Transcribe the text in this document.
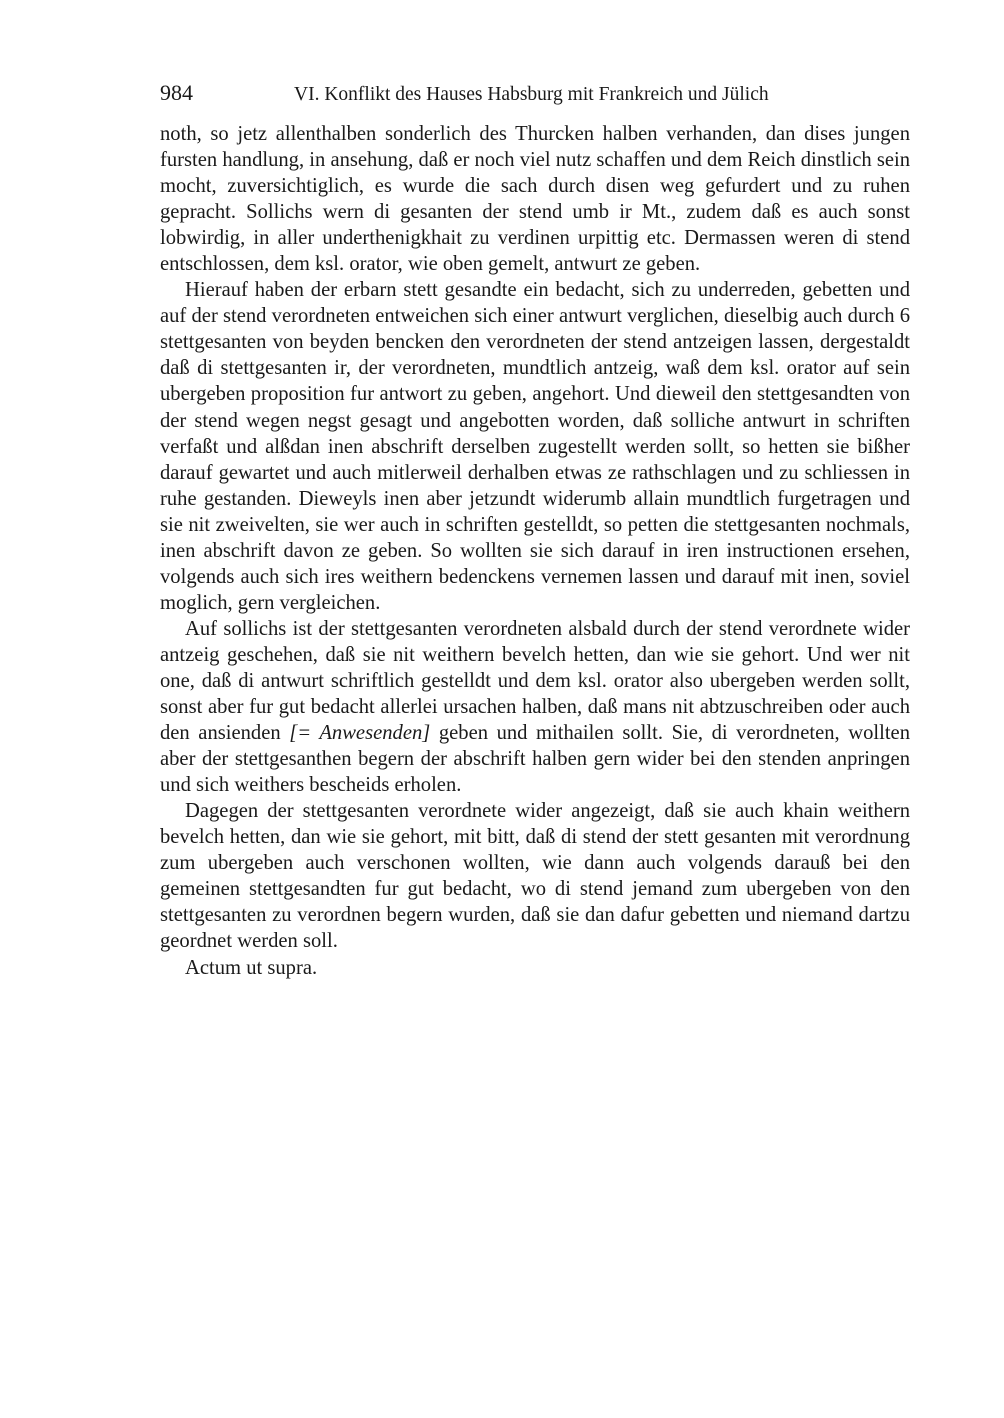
984	VI. Konflikt des Hauses Habsburg mit Frankreich und Jülich

noth, so jetz allenthalben sonderlich des Thurcken halben verhanden, dan dises jungen fursten handlung, in ansehung, daß er noch viel nutz schaffen und dem Reich dinstlich sein mocht, zuversichtiglich, es wurde die sach durch disen weg gefurdert und zu ruhen gepracht. Sollichs wern di gesanten der stend umb ir Mt., zudem daß es auch sonst lobwirdig, in aller underthenigkhait zu verdinen urpittig etc. Dermassen weren di stend entschlossen, dem ksl. orator, wie oben gemelt, antwurt ze geben.

Hierauf haben der erbarn stett gesandte ein bedacht, sich zu underreden, gebetten und auf der stend verordneten entweichen sich einer antwurt verglichen, dieselbig auch durch 6 stettgesanten von beyden bencken den verordneten der stend antzeigen lassen, dergestaldt daß di stettgesanten ir, der verordneten, mundtlich antzeig, waß dem ksl. orator auf sein ubergeben proposition fur antwort zu geben, angehort. Und dieweil den stettgesandten von der stend wegen negst gesagt und angebotten worden, daß solliche antwurt in schriften verfaßt und alßdan inen abschrift derselben zugestellt werden sollt, so hetten sie bißher darauf gewartet und auch mitlerweil derhalben etwas ze rathschlagen und zu schliessen in ruhe gestanden. Dieweyls inen aber jetzundt widerumb allain mundtlich furgetragen und sie nit zweivelten, sie wer auch in schriften gestelldt, so petten die stettgesanten nochmals, inen abschrift davon ze geben. So wollten sie sich darauf in iren instructionen ersehen, volgends auch sich ires weithern bedenckens vernemen lassen und darauf mit inen, soviel moglich, gern vergleichen.

Auf sollichs ist der stettgesanten verordneten alsbald durch der stend verordnete wider antzeig geschehen, daß sie nit weithern bevelch hetten, dan wie sie gehort. Und wer nit one, daß di antwurt schriftlich gestelldt und dem ksl. orator also ubergeben werden sollt, sonst aber fur gut bedacht allerlei ursachen halben, daß mans nit abtzuschreiben oder auch den ansienden [= Anwesenden] geben und mithailen sollt. Sie, di verordneten, wollten aber der stettgesanthen begern der abschrift halben gern wider bei den stenden anpringen und sich weithers bescheids erholen.

Dagegen der stettgesanten verordnete wider angezeigt, daß sie auch khain weithern bevelch hetten, dan wie sie gehort, mit bitt, daß di stend der stett gesanten mit verordnung zum ubergeben auch verschonen wollten, wie dann auch volgends darauß bei den gemeinen stettgesandten fur gut bedacht, wo di stend jemand zum ubergeben von den stettgesanten zu verordnen begern wurden, daß sie dan dafur gebetten und niemand dartzu geordnet werden soll.

Actum ut supra.
